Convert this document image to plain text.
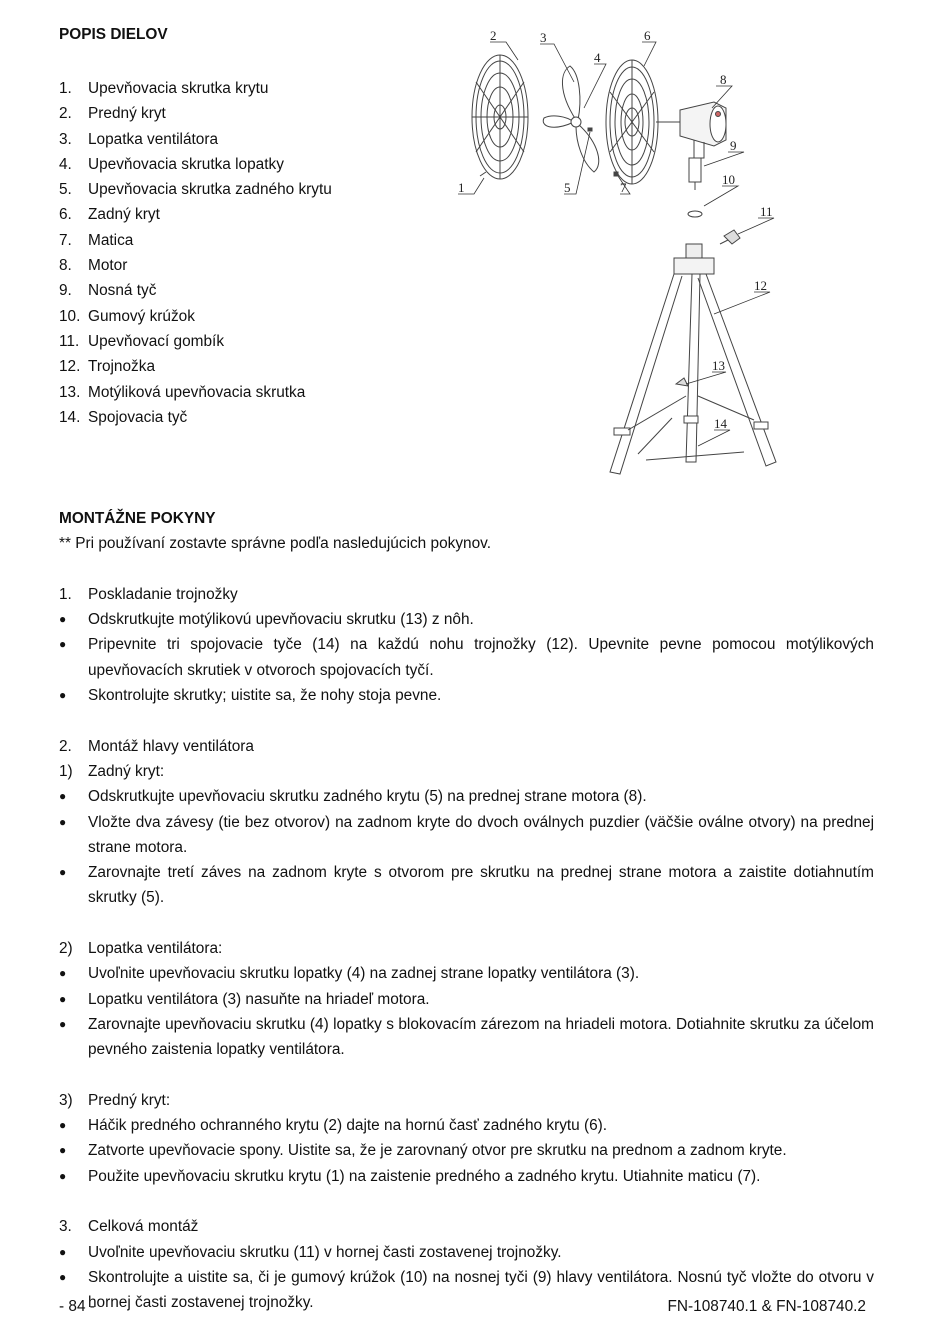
POPIS DIELOV
1. Upevňovacia skrutka krytu
2. Predný kryt
3. Lopatka ventilátora
4. Upevňovacia skrutka lopatky
5. Upevňovacia skrutka zadného krytu
6. Zadný kryt
7. Matica
8. Motor
9. Nosná tyč
10. Gumový krúžok
11. Upevňovací gombík
12. Trojnožka
13. Motýliková upevňovacia skrutka
14. Spojovacia tyč
1
2	3
4
5
6
7
8
9
10
11
12
13
14
MONTÁŽNE POKYNY
** Pri používaní zostavte správne podľa nasledujúcich pokynov.
1.	Poskladanie trojnožky
●	Odskrutkujte motýlikovú upevňovaciu skrutku (13) z nôh.
●	Pripevnite tri spojovacie tyče (14) na každú nohu trojnožky (12). Upevnite pevne pomocou motýlikových upevňovacích skrutiek v otvoroch spojovacích tyčí.
●	Skontrolujte skrutky; uistite sa, že nohy stoja pevne.
2.	Montáž hlavy ventilátora
1) Zadný kryt:
●	Odskrutkujte upevňovaciu skrutku zadného krytu (5) na prednej strane motora (8).
●	Vložte dva závesy (tie bez otvorov) na zadnom kryte do dvoch oválnych puzdier (väčšie oválne otvory) na prednej strane motora.
●	Zarovnajte tretí záves na zadnom kryte s otvorom pre skrutku na prednej strane motora a zaistite dotiahnutím skrutky (5).
2) Lopatka ventilátora:
●	Uvoľnite upevňovaciu skrutku lopatky (4) na zadnej strane lopatky ventilátora (3).
●	Lopatku ventilátora (3) nasuňte na hriadeľ motora.
●	Zarovnajte upevňovaciu skrutku (4) lopatky s blokovacím zárezom na hriadeli motora. Dotiahnite skrutku za účelom pevného zaistenia lopatky ventilátora.
3) Predný kryt:
●	Háčik predného ochranného krytu (2) dajte na hornú časť zadného krytu (6).
●	Zatvorte upevňovacie spony. Uistite sa, že je zarovnaný otvor pre skrutku na prednom a zadnom kryte.
●	Použite upevňovaciu skrutku krytu (1) na zaistenie predného a zadného krytu. Utiahnite maticu (7).
3.	Celková montáž
●	Uvoľnite upevňovaciu skrutku (11) v hornej časti zostavenej trojnožky.
●	Skontrolujte a uistite sa, či je gumový krúžok (10) na nosnej tyči (9) hlavy ventilátora. Nosnú tyč vložte do otvoru v hornej časti zostavenej trojnožky.
- 84 -	FN-108740.1 & FN-108740.2
